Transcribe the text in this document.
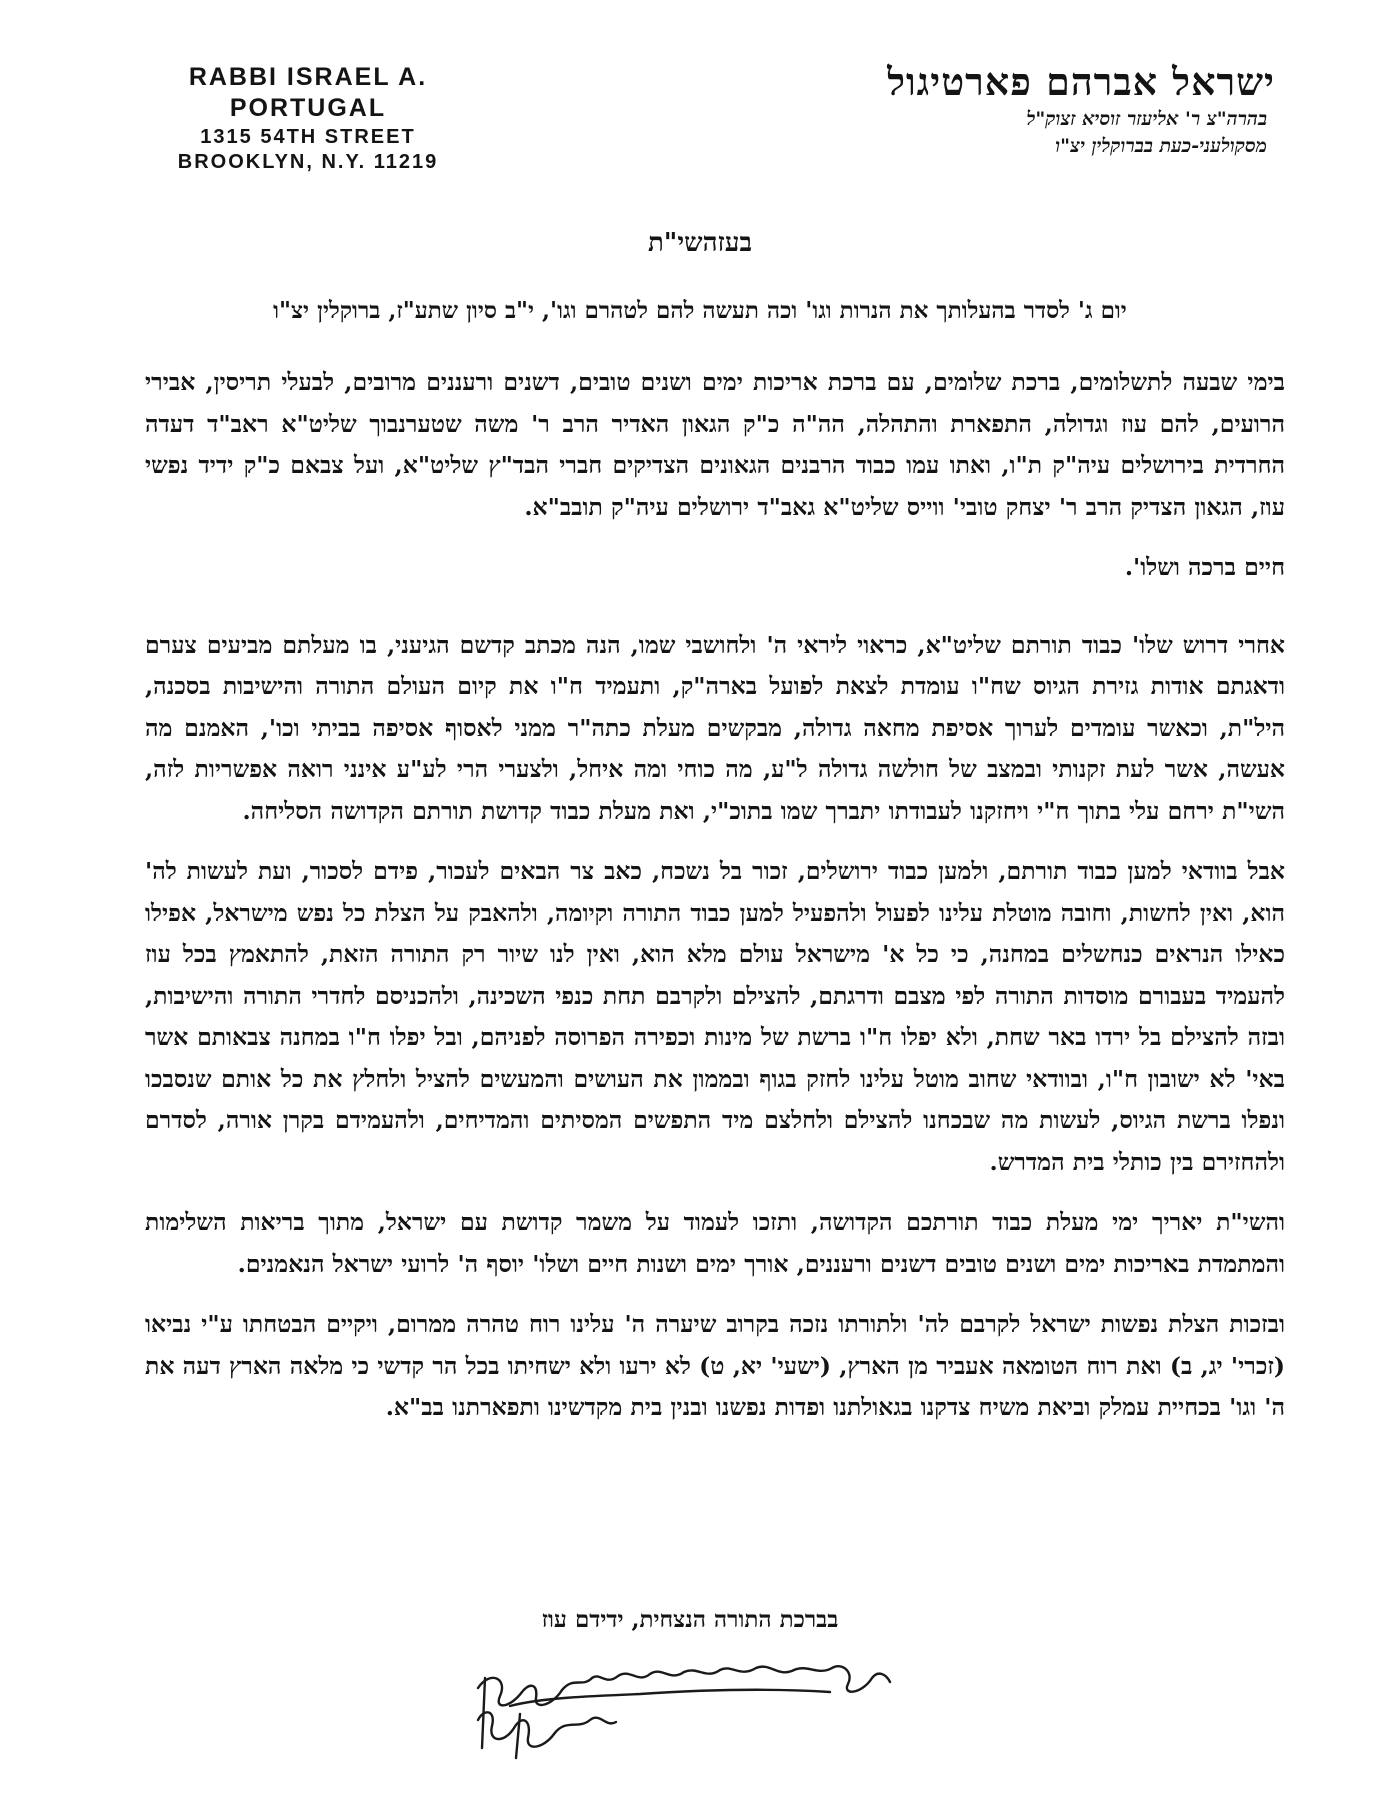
RABBI ISRAEL A. PORTUGAL
1315 54TH STREET
BROOKLYN, N.Y. 11219
ישראל אברהם פארטיגול
בהרה"צ ר' אליעזר זוסיא זצוק"ל
מסקולעני-כעת בברוקלין יצ"ו
בעזהשי"ת
יום ג' לסדר בהעלותך את הנרות וגו' וכה תעשה להם לטהרם וגו', י"ב סיון שתע"ז, ברוקלין יצ"ו

בימי שבעה לתשלומים, ברכת שלומים, עם ברכת אריכות ימים ושנים טובים, דשנים ורעננים מרובים, לבעלי תריסין, אבירי הרועים, להם עוז וגדולה, התפארת והתהלה, הה"ה כ"ק הגאון האדיר הרב ר' משה שטערנבוך שליט"א ראב"ד דעדה החרדית בירושלים עיה"ק ת"ו, ואתו עמו כבוד הרבנים הגאונים הצדיקים חברי הבד"ץ שליט"א, ועל צבאם כ"ק ידיד נפשי עוז, הגאון הצדיק הרב ר' יצחק טובי' ווייס שליט"א גאב"ד ירושלים עיה"ק תובב"א.

חיים ברכה ושלו'.

אחרי דרוש שלו' כבוד תורתם שליט"א, כראוי ליראי ה' ולחושבי שמו, הנה מכתב קדשם הגיעני, בו מעלתם מביעים צערם ודאגתם אודות גזירת הגיוס שח"ו עומדת לצאת לפועל בארה"ק, ותעמיד ח"ו את קיום העולם התורה והישיבות בסכנה, היל"ת, וכאשר עומדים לערוך אסיפת מחאה גדולה, מבקשים מעלת כתה"ר ממני לאסוף אסיפה בביתי וכו', האמנם מה אעשה, אשר לעת זקנותי ובמצב של חולשה גדולה ל"ע, מה כוחי ומה איחל, ולצערי הרי לע"ע אינני רואה אפשריות לזה, השי"ת ירחם עלי בתוך ח"י ויחזקנו לעבודתו יתברך שמו בתוכ"י, ואת מעלת כבוד קדושת תורתם הקדושה הסליחה.

אבל בוודאי למען כבוד תורתם, ולמען כבוד ירושלים, זכור בל נשכח, כאב צר הבאים לעכור, פידם לסכור, ועת לעשות לה' הוא, ואין לחשות, וחובה מוטלת עלינו לפעול ולהפעיל למען כבוד התורה וקיומה, ולהאבק על הצלת כל נפש מישראל, אפילו כאילו הנראים כנחשלים במחנה, כי כל א' מישראל עולם מלא הוא, ואין לנו שיור רק התורה הזאת, להתאמץ בכל עוז להעמיד בעבורם מוסדות התורה לפי מצבם ודרגתם, להצילם ולקרבם תחת כנפי השכינה, ולהכניסם לחדרי התורה והישיבות, ובזה להצילם בל ירדו באר שחת, ולא יפלו ח"ו ברשת של מינות וכפירה הפרוסה לפניהם, ובל יפלו ח"ו במחנה צבאותם אשר באי' לא ישובון ח"ו, ובוודאי שחוב מוטל עלינו לחזק בגוף ובממון את העושים והמעשים להציל ולחלץ את כל אותם שנסבכו ונפלו ברשת הגיוס, לעשות מה שבכחנו להצילם ולחלצם מיד התפשים המסיתים והמדיחים, ולהעמידם בקרן אורה, לסדרם ולהחזירם בין כותלי בית המדרש.

והשי"ת יאריך ימי מעלת כבוד תורתכם הקדושה, ותזכו לעמוד על משמר קדושת עם ישראל, מתוך בריאות השלימות והמתמדת באריכות ימים ושנים טובים דשנים ורעננים, אורך ימים ושנות חיים ושלו' יוסף ה' לרועי ישראל הנאמנים.

ובזכות הצלת נפשות ישראל לקרבם לה' ולתורתו נזכה בקרוב שיערה ה' עלינו רוח טהרה ממרום, ויקיים הבטחתו ע"י נביאו (זכרי' יג, ב) ואת רוח הטומאה אעביר מן הארץ, (ישעי' יא, ט) לא ירעו ולא ישחיתו בכל הר קדשי כי מלאה הארץ דעה את ה' וגו' בכחיית עמלק וביאת משיח צדקנו בגאולתנו ופדות נפשנו ובנין בית מקדשינו ותפארתנו בב"א.

בברכת התורה הנצחית, ידידם עוז
